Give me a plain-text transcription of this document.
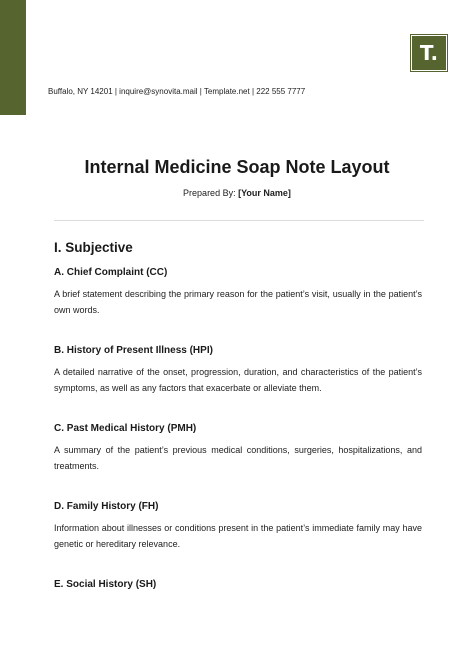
T.
Buffalo, NY 14201 | inquire@synovita.mail | Template.net | 222 555 7777
Internal Medicine Soap Note Layout
Prepared By: [Your Name]
I. Subjective
A. Chief Complaint (CC)

A brief statement describing the primary reason for the patient’s visit, usually in the patient’s own words.

B. History of Present Illness (HPI)

A detailed narrative of the onset, progression, duration, and characteristics of the patient’s symptoms, as well as any factors that exacerbate or alleviate them.

C. Past Medical History (PMH)

A summary of the patient’s previous medical conditions, surgeries, hospitalizations, and treatments.

D. Family History (FH)

Information about illnesses or conditions present in the patient’s immediate family may have genetic or hereditary relevance.

E. Social History (SH)
